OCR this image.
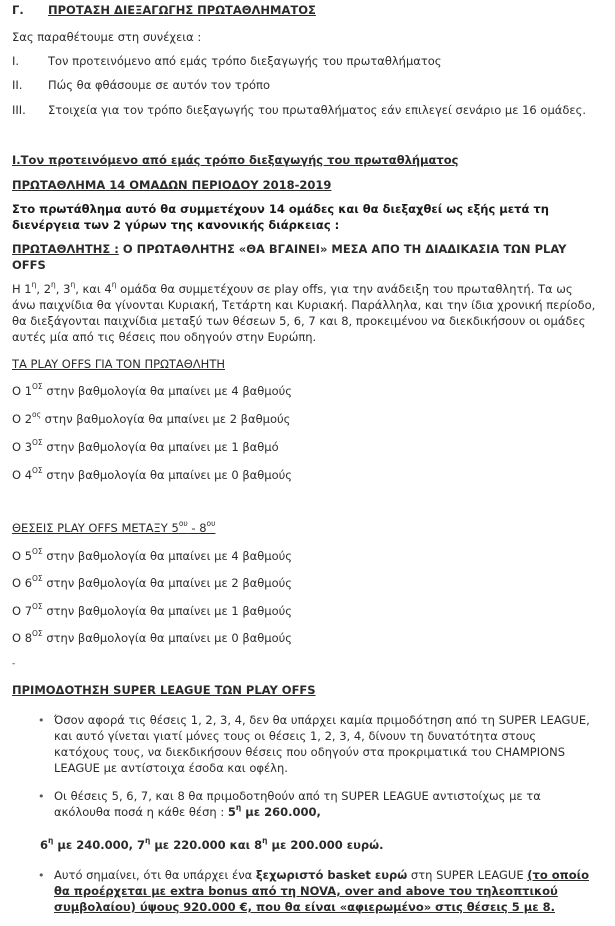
Γ. ΠΡΟΤΑΣΗ ΔΙΕΞΑΓΩΓΗΣ ΠΡΩΤΑΘΛΗΜΑΤΟΣ
Σας παραθέτουμε στη συνέχεια :
I.	Τον προτεινόμενο από εμάς τρόπο διεξαγωγής του πρωταθλήματος
II. Πώς θα φθάσουμε σε αυτόν τον τρόπο
III. Στοιχεία για τον τρόπο διεξαγωγής του πρωταθλήματος εάν επιλεγεί σενάριο με 16 ομάδες.
I.Τον προτεινόμενο από εμάς τρόπο διεξαγωγής του πρωταθλήματος
ΠΡΩΤΑΘΛΗΜΑ 14 ΟΜΑΔΩΝ ΠΕΡΙΟΔΟΥ 2018-2019
Στο πρωτάθλημα αυτό θα συμμετέχουν 14 ομάδες και θα διεξαχθεί ως εξής μετά τη
διενέργεια των 2 γύρων της κανονικής διάρκειας :
ΠΡΩΤΑΘΛΗΤΗΣ : Ο ΠΡΩΤΑΘΛΗΤΗΣ «ΘΑ ΒΓΑΙΝΕΙ» ΜΕΣΑ ΑΠΟ ΤΗ ΔΙΑΔΙΚΑΣΙΑ ΤΩΝ PLAY
OFFS
Η $1^\eta$, $2^\eta$, $3^\eta$, και $4^\eta$ ομάδα θα συμμετέχουν σε play offs, για την ανάδειξη του πρωταθλητή. Τα ως
άνω παιχνίδια θα γίνονται Κυριακή, Τετάρτη και Κυριακή. Παράλληλα, και την ίδια χρονική περίοδο,
θα διεξάγονται παιχνίδια μεταξύ των θέσεων 5, 6, 7 και 8, προκειμένου να διεκδικήσουν οι ομάδες
αυτές μία από τις θέσεις που οδηγούν στην Ευρώπη.
ΤΑ PLAY OFFS ΓΙΑ ΤΟΝ ΠΡΩΤΑΘΛΗΤΗ
Ο $1^{O\Sigma}$ στην βαθμολογία θα μπαίνει με 4 βαθμούς
Ο $2^{o\varsigma}$ στην βαθμολογία θα μπαίνει με 2 βαθμούς
Ο $3^{O\Sigma}$ στην βαθμολογία θα μπαίνει με 1 βαθμό
Ο $4^{O\Sigma}$ στην βαθμολογία θα μπαίνει με 0 βαθμούς
ΘΕΣΕΙΣ PLAY OFFS ΜΕΤΑΞΥ $5^{o\upsilon} - 8^{o\upsilon}$
Ο $5^{O\Sigma}$ στην βαθμολογία θα μπαίνει με 4 βαθμούς
Ο $6^{O\Sigma}$ στην βαθμολογία θα μπαίνει με 2 βαθμούς
Ο $7^{O\Sigma}$ στην βαθμολογία θα μπαίνει με 1 βαθμούς
Ο $8^{O\Sigma}$ στην βαθμολογία θα μπαίνει με 0 βαθμούς
-
ΠΡΙΜΟΔΟΤΗΣΗ SUPER LEAGUE ΤΩΝ PLAY OFFS
• Όσον αφορά τις θέσεις 1, 2, 3, 4, δεν θα υπάρχει καμία πριμοδότηση από τη SUPER LEAGUE,
και αυτό γίνεται γιατί μόνες τους οι θέσεις 1, 2, 3, 4, δίνουν τη δυνατότητα στους
κατόχους τους, να διεκδικήσουν θέσεις που οδηγούν στα προκριματικά του CHAMPIONS
LEAGUE με αντίστοιχα έσοδα και οφέλη.
• Οι θέσεις 5, 6, 7, και 8 θα πριμοδοτηθούν από τη SUPER LEAGUE αντιστοίχως με τα
ακόλουθα ποσά η κάθε θέση : $5^\eta$ με 260.000,
$6^\eta$ με 240.000, $7^\eta$ με 220.000 και $8^\eta$ με 200.000 ευρώ.
• Αυτό σημαίνει, ότι θα υπάρχει ένα ξεχωριστό basket ευρώ στη SUPER LEAGUE (το οποίο
θα προέρχεται με extra bonus από τη NOVA, over and above του τηλεοπτικού
συμβολαίου) ύψους 920.000 €, που θα είναι «αφιερωμένο» στις θέσεις 5 με 8.
